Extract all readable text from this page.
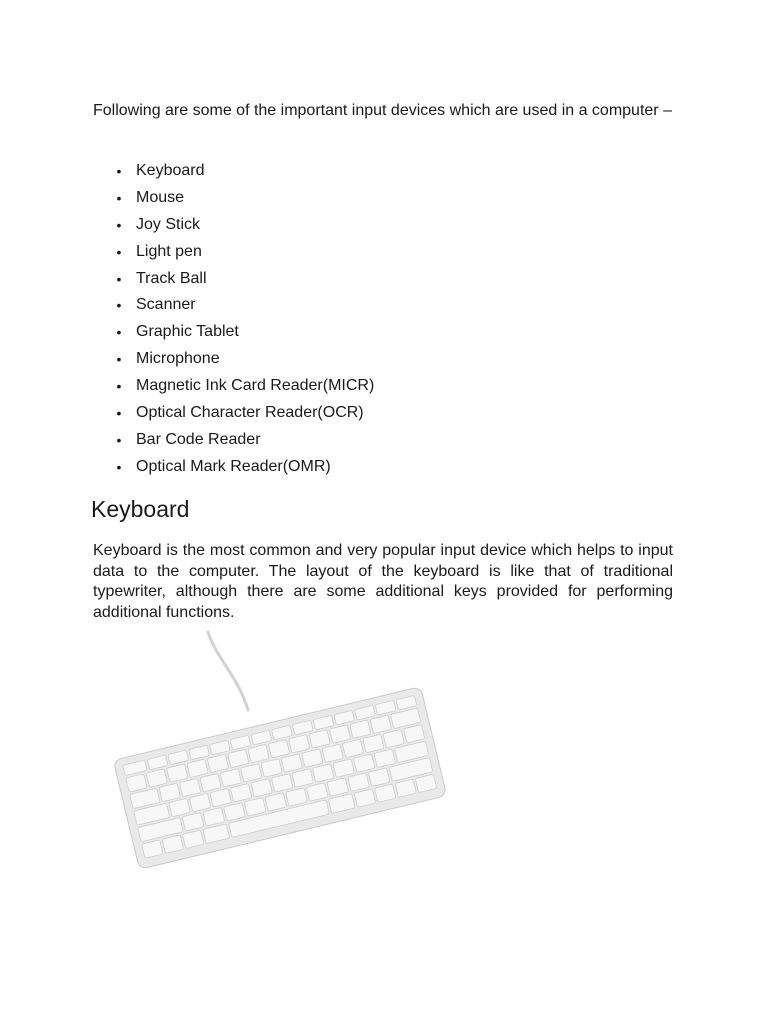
Following are some of the important input devices which are used in a computer –

• Keyboard
• Mouse
• Joy Stick
• Light pen
• Track Ball
• Scanner
• Graphic Tablet
• Microphone
• Magnetic Ink Card Reader(MICR)
• Optical Character Reader(OCR)
• Bar Code Reader
• Optical Mark Reader(OMR)
Keyboard

Keyboard is the most common and very popular input device which helps to input data to the computer. The layout of the keyboard is like that of traditional typewriter, although there are some additional keys provided for performing additional functions.
